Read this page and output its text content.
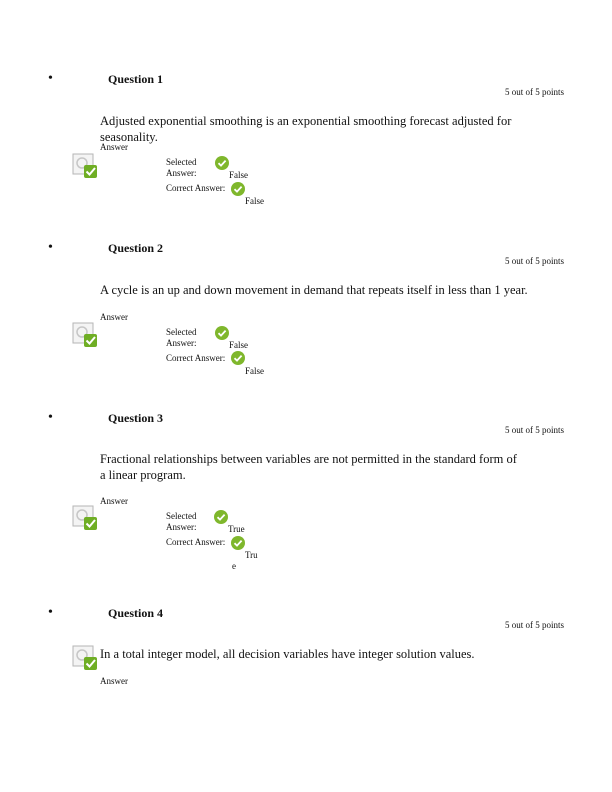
•	Question 1
5 out of 5 points
Adjusted exponential smoothing is an exponential smoothing forecast adjusted for seasonality.
Answer
Selected
Answer:	False
Correct Answer:
False
•	Question 2
5 out of 5 points
A cycle is an up and down movement in demand that repeats itself in less than 1 year.
Answer
Selected
Answer:	False
Correct Answer:
False
•	Question 3
5 out of 5 points
Fractional relationships between variables are not permitted in the standard form of a linear program.
Answer
Selected
Answer:	True
Correct Answer:
Tru
e
•	Question 4
5 out of 5 points
In a total integer model, all decision variables have integer solution values.
Answer
